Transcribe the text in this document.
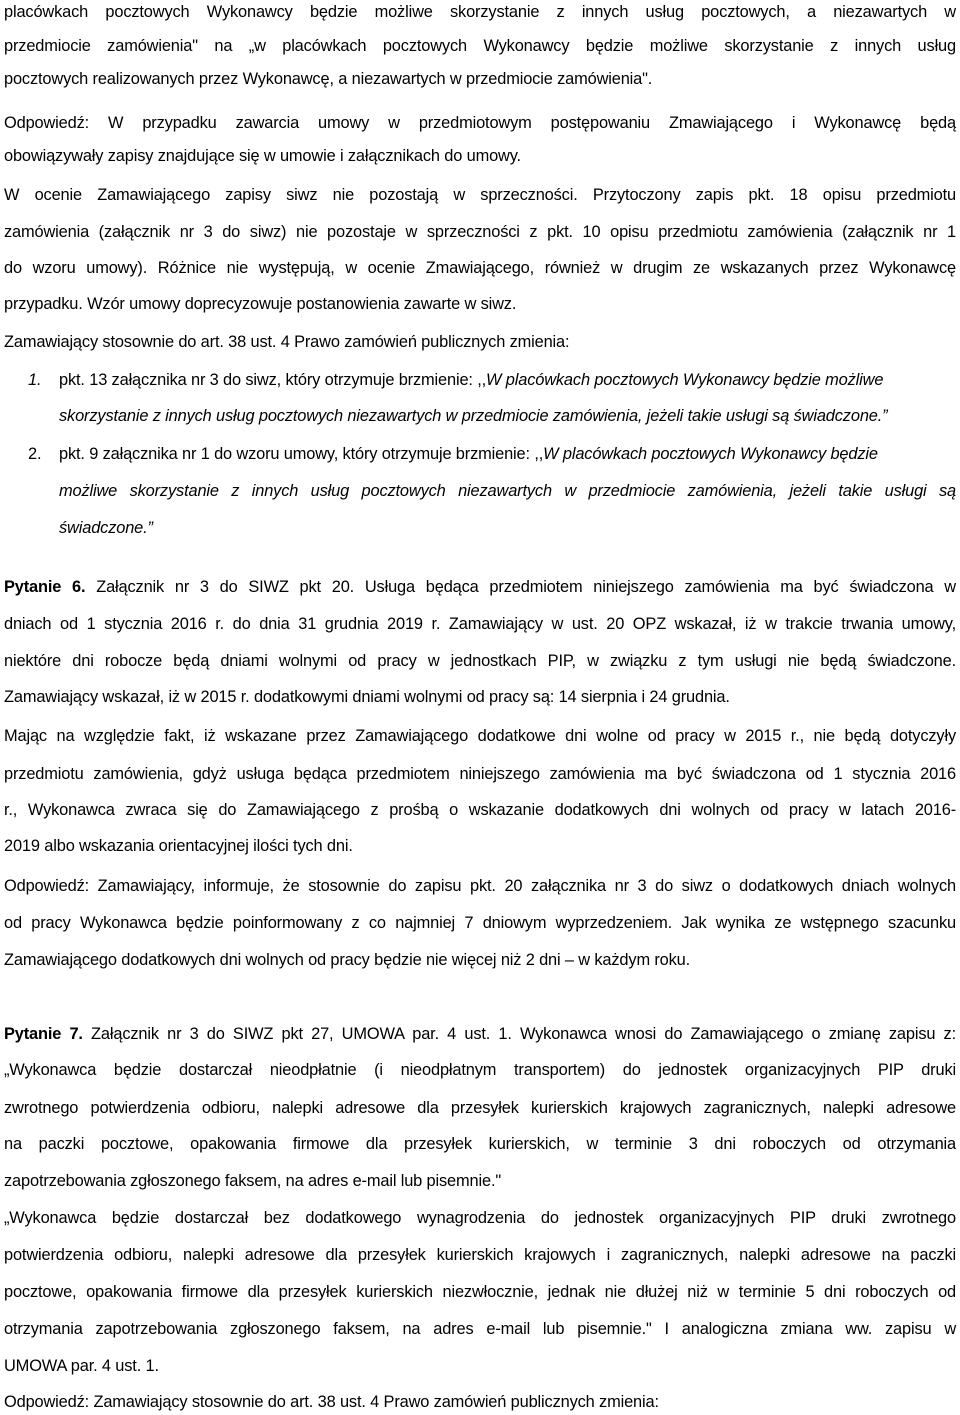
placówkach pocztowych Wykonawcy będzie możliwe skorzystanie z innych usług pocztowych, a niezawartych w
przedmiocie zamówienia" na „w placówkach pocztowych Wykonawcy będzie możliwe skorzystanie z innych usług
pocztowych realizowanych przez Wykonawcę, a niezawartych w przedmiocie zamówienia".
Odpowiedź: W przypadku zawarcia umowy w przedmiotowym postępowaniu Zmawiającego i Wykonawcę będą
obowiązywały zapisy znajdujące się w umowie i załącznikach do umowy.
W ocenie Zamawiającego zapisy siwz nie pozostają w sprzeczności. Przytoczony zapis pkt. 18 opisu przedmiotu
zamówienia (załącznik nr 3 do siwz) nie pozostaje w sprzeczności z pkt. 10 opisu przedmiotu zamówienia (załącznik nr 1
do wzoru umowy). Różnice nie występują, w ocenie Zmawiającego, również w drugim ze wskazanych przez Wykonawcę
przypadku. Wzór umowy doprecyzowuje postanowienia zawarte w siwz.
Zamawiający stosownie do art. 38 ust. 4 Prawo zamówień publicznych zmienia:
1. pkt. 13 załącznika nr 3 do siwz, który otrzymuje brzmienie: ,,W placówkach pocztowych Wykonawcy będzie możliwe
skorzystanie z innych usług pocztowych niezawartych w przedmiocie zamówienia, jeżeli takie usługi są świadczone.”
2. pkt. 9 załącznika nr 1 do wzoru umowy, który otrzymuje brzmienie: ,,W placówkach pocztowych Wykonawcy będzie
możliwe skorzystanie z innych usług pocztowych niezawartych w przedmiocie zamówienia, jeżeli takie usługi są
świadczone.”
Pytanie 6. Załącznik nr 3 do SIWZ pkt 20. Usługa będąca przedmiotem niniejszego zamówienia ma być świadczona w
dniach od 1 stycznia 2016 r. do dnia 31 grudnia 2019 r. Zamawiający w ust. 20 OPZ wskazał, iż w trakcie trwania umowy,
niektóre dni robocze będą dniami wolnymi od pracy w jednostkach PIP, w związku z tym usługi nie będą świadczone.
Zamawiający wskazał, iż w 2015 r. dodatkowymi dniami wolnymi od pracy są: 14 sierpnia i 24 grudnia.
Mając na względzie fakt, iż wskazane przez Zamawiającego dodatkowe dni wolne od pracy w 2015 r., nie będą dotyczyły
przedmiotu zamówienia, gdyż usługa będąca przedmiotem niniejszego zamówienia ma być świadczona od 1 stycznia 2016
r., Wykonawca zwraca się do Zamawiającego z prośbą o wskazanie dodatkowych dni wolnych od pracy w latach 2016-
2019 albo wskazania orientacyjnej ilości tych dni.
Odpowiedź: Zamawiający, informuje, że stosownie do zapisu pkt. 20 załącznika nr 3 do siwz o dodatkowych dniach wolnych
od pracy Wykonawca będzie poinformowany z co najmniej 7 dniowym wyprzedzeniem. Jak wynika ze wstępnego szacunku
Zamawiającego dodatkowych dni wolnych od pracy będzie nie więcej niż 2 dni – w każdym roku.
Pytanie 7. Załącznik nr 3 do SIWZ pkt 27, UMOWA par. 4 ust. 1. Wykonawca wnosi do Zamawiającego o zmianę zapisu z:
„Wykonawca będzie dostarczał nieodpłatnie (i nieodpłatnym transportem) do jednostek organizacyjnych PIP druki
zwrotnego potwierdzenia odbioru, nalepki adresowe dla przesyłek kurierskich krajowych zagranicznych, nalepki adresowe
na paczki pocztowe, opakowania firmowe dla przesyłek kurierskich, w terminie 3 dni roboczych od otrzymania
zapotrzebowania zgłoszonego faksem, na adres e-mail lub pisemnie."
„Wykonawca będzie dostarczał bez dodatkowego wynagrodzenia do jednostek organizacyjnych PIP druki zwrotnego
potwierdzenia odbioru, nalepki adresowe dla przesyłek kurierskich krajowych i zagranicznych, nalepki adresowe na paczki
pocztowe, opakowania firmowe dla przesyłek kurierskich niezwłocznie, jednak nie dłużej niż w terminie 5 dni roboczych od
otrzymania zapotrzebowania zgłoszonego faksem, na adres e-mail lub pisemnie." I analogiczna zmiana ww. zapisu w
UMOWA par. 4 ust. 1.
Odpowiedź: Zamawiający stosownie do art. 38 ust. 4 Prawo zamówień publicznych zmienia:
